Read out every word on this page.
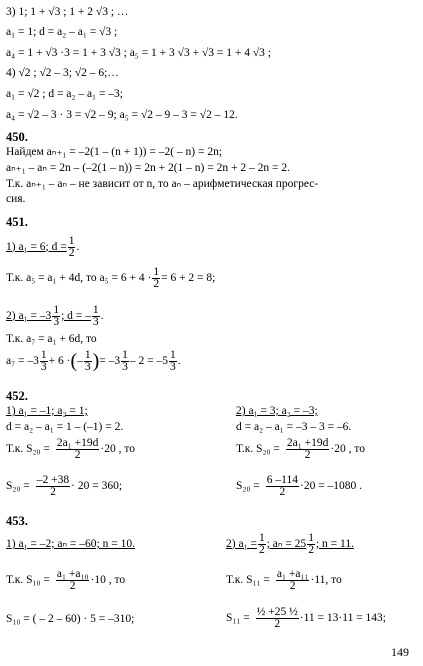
3) 1; 1 + √3 ; 1 + 2 √3 ; …
a₁ = 1; d = a₂ – a₁ = √3 ;
a₄ = 1 + √3 ·3 = 1 + 3 √3 ; a₅ = 1 + 3 √3 + √3 = 1 + 4 √3 ;
4) √2 ; √2 – 3; √2 – 6;…
a₁ = √2 ; d = a₂ – a₁ = –3;
a₄ = √2 – 3 · 3 = √2 – 9; a₅ = √2 – 9 – 3 = √2 – 12.
450.
Найдем aₙ₊₁ = –2(1 – (n + 1)) = –2( – n) = 2n;
aₙ₊₁ – aₙ = 2n – (–2(1 – n)) = 2n + 2(1 – n) = 2n + 2 – 2n = 2.
Т.к. aₙ₊₁ – aₙ – не зависит от n, то aₙ – арифметическая прогрес-
сия.
451.
1) a₁ = 6; $d = \frac{1}{2}$ .
Т.к. a₅ = a₁ + 4d, то $a_5 = 6 + 4 \cdot \frac{1}{2} = 6 + 2 = 8$;
2) $a_1 = -3 \frac{1}{3}$ ; d = – $\frac{1}{3}$ .
Т.к. a₇ = a₁ + 6d, то
$a_7 = -3 \frac{1}{3} + 6$ · ( – $\frac{1}{3}$ ) = $-3 \frac{1}{3} - 2 = -5 \frac{1}{3}$ .
452.
1) a₁ = –1; a₂ = 1;	2) a₁ = 3; a₂ = –3;
d = a₂ – a₁ = 1 – (–1) = 2.	d = a₂ – a₁ = –3 – 3 = –6.
Т.к. $S_{20} = \frac{\text{2a₁ +19d}}{2} \cdot 20$ , то	Т.к. $S_{20} = \frac{\text{2a₁ +19d}}{2} \cdot 20$ , то
$S_{20} = \frac{-2 +38}{2} \cdot 20 = 360$;	$S_{20} = \frac{6 -114}{2} \cdot 20 = -1080$ .
453.
1) a₁ = –2; aₙ = –60; n = 10.	2) $a_1 = \frac{1}{2}$ ; $a_n = 25 \frac{1}{2}$ ; n = 11.
Т.к. $S_{10} = \frac{\text{a₁ +a₁₀}}{2} \cdot 10$ , то	Т.к. $S_{11} = \frac{\text{a₁ +a₁₁}}{2} \cdot 11$, то
S₁₀ = ( – 2 – 60) · 5 = –310;	$S_{11} = \frac{\text{½ +25 ½}}{2} \cdot 11 = 13\cdot 11 = 143$;
149
